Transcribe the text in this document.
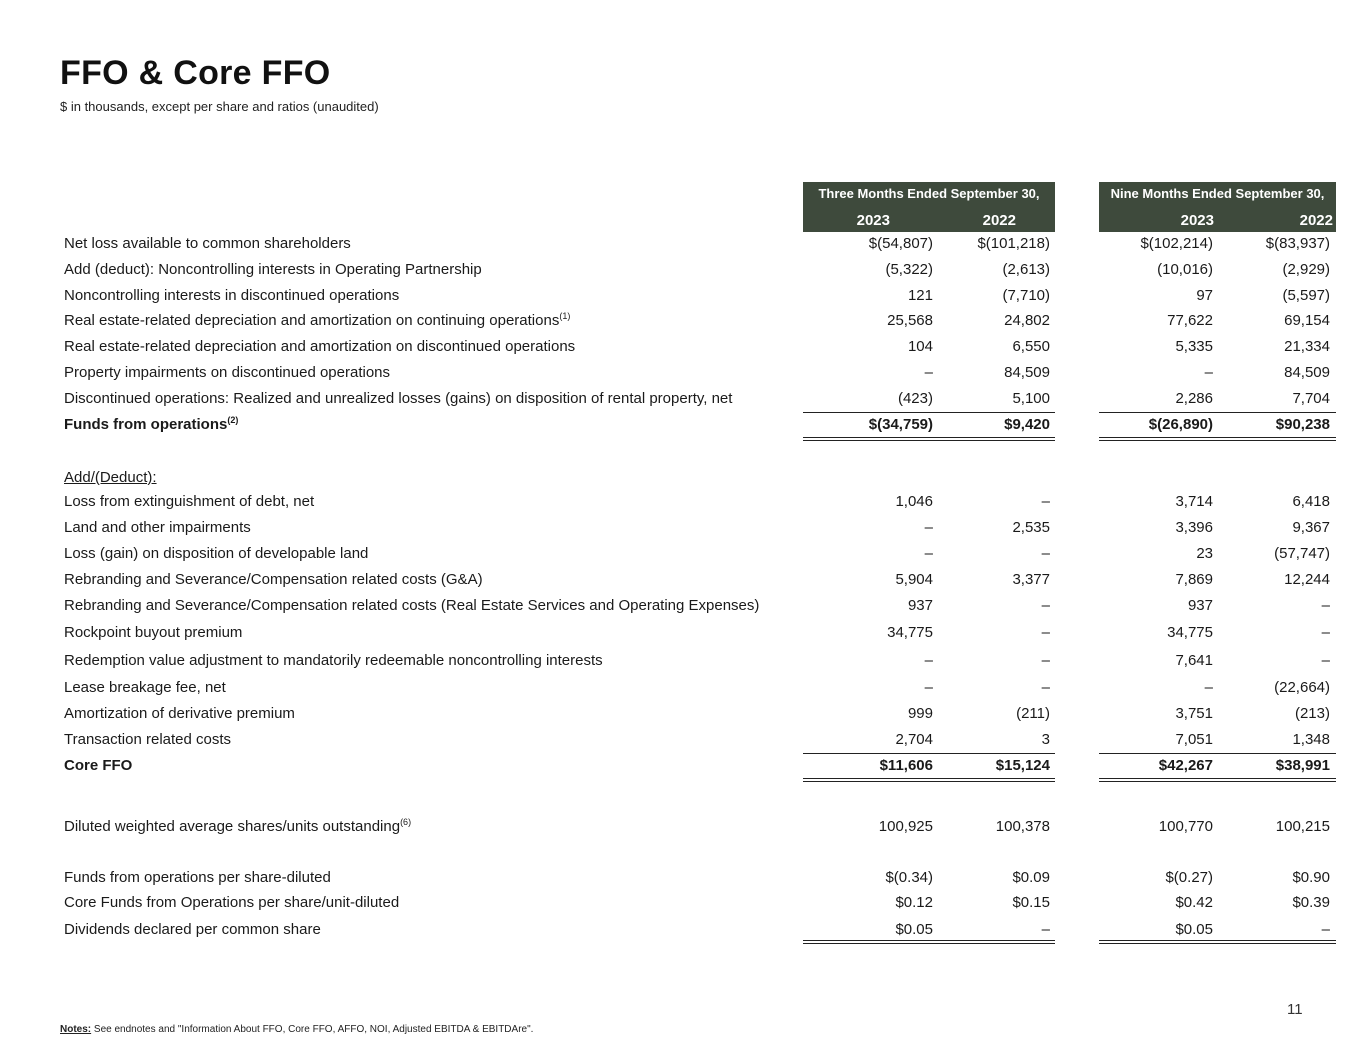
FFO & Core FFO
$ in thousands, except per share and ratios (unaudited)
Three Months Ended September 30,
2023	2022
Nine Months Ended September 30,
2023	2022
Net loss available to common shareholders	$(54,807)	$(101,218)	$(102,214)	$(83,937)
Add (deduct): Noncontrolling interests in Operating Partnership	(5,322)	(2,613)	(10,016)	(2,929)
Noncontrolling interests in discontinued operations	121	(7,710)	97	(5,597)
Real estate-related depreciation and amortization on continuing operations$^{(1)}$	25,568	24,802	77,622	69,154
Real estate-related depreciation and amortization on discontinued operations	104	6,550	5,335	21,334
Property impairments on discontinued operations	–	84,509	–	84,509
Discontinued operations: Realized and unrealized losses (gains) on disposition of rental property, net	(423)	5,100	2,286	7,704
Funds from operations$^{(2)}$	$(34,759)	$9,420	$(26,890)	$90,238
Add/(Deduct):
Loss from extinguishment of debt, net	1,046	–	3,714	6,418
Land and other impairments	–	2,535	3,396	9,367
Loss (gain) on disposition of developable land	–	–	23	(57,747)
Rebranding and Severance/Compensation related costs (G&A)	5,904	3,377	7,869	12,244
Rebranding and Severance/Compensation related costs (Real Estate Services and Operating Expenses)	937	–	937	–
Rockpoint buyout premium	34,775	–	34,775	–
Redemption value adjustment to mandatorily redeemable noncontrolling interests	–	–	7,641	–
Lease breakage fee, net	–	–	–	(22,664)
Amortization of derivative premium	999	(211)	3,751	(213)
Transaction related costs	2,704	3	7,051	1,348
Core FFO	$11,606	$15,124	$42,267	$38,991
Diluted weighted average shares/units outstanding$^{(6)}$	100,925	100,378	100,770	100,215
Funds from operations per share-diluted	$(0.34)	$0.09	$(0.27)	$0.90
Core Funds from Operations per share/unit-diluted	$0.12	$0.15	$0.42	$0.39
Dividends declared per common share	$0.05	–	$0.05	–
Notes: See endnotes and "Information About FFO, Core FFO, AFFO, NOI, Adjusted EBITDA & EBITDAre".
11
